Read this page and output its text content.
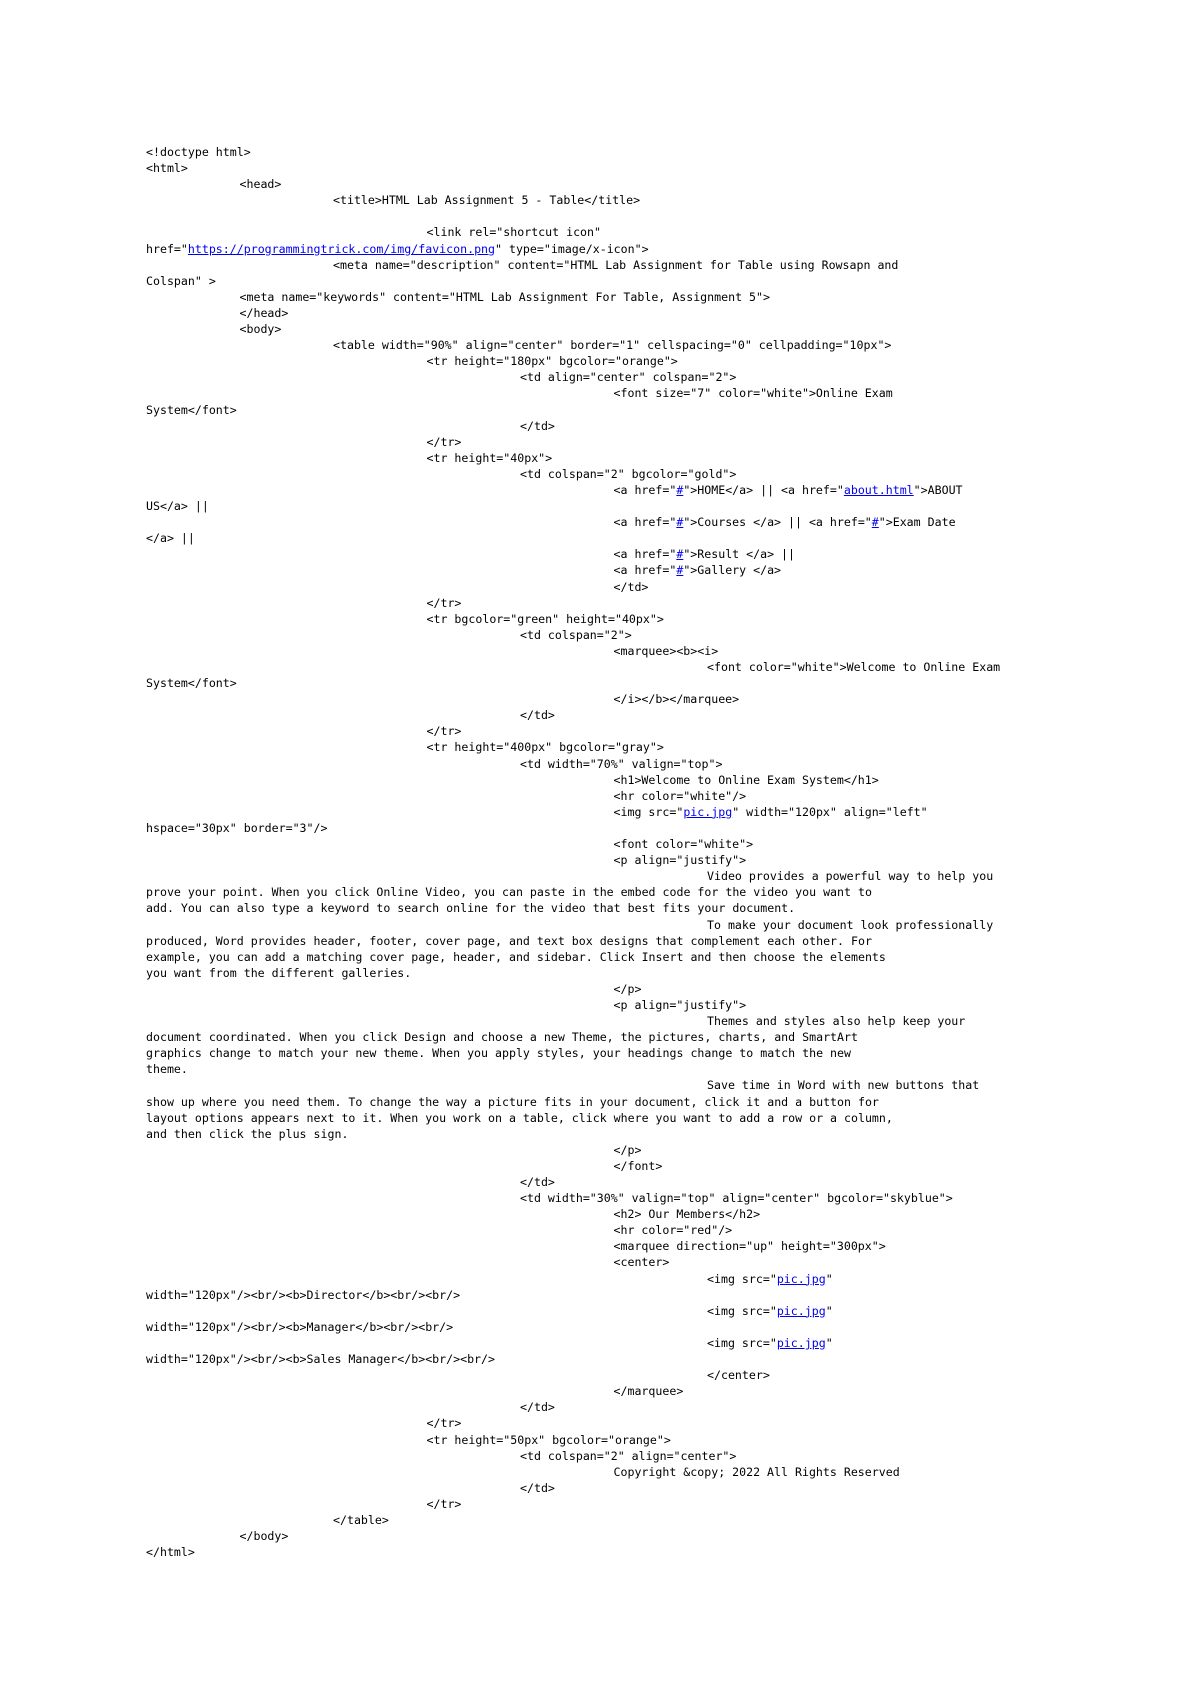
<!doctype html>
<html>
<head>
<title>HTML Lab Assignment 5 - Table</title>
<link rel="shortcut icon"
href="https://programmingtrick.com/img/favicon.png" type="image/x-icon">
<meta name="description" content="HTML Lab Assignment for Table using Rowsapn and
Colspan" >
<meta name="keywords" content="HTML Lab Assignment For Table, Assignment 5">
</head>
<body>
<table width="90%" align="center" border="1" cellspacing="0" cellpadding="10px">
<tr height="180px" bgcolor="orange">
<td align="center" colspan="2">
<font size="7" color="white">Online Exam
System</font>
</td>
</tr>
<tr height="40px">
<td colspan="2" bgcolor="gold">
<a href="#">HOME</a> || <a href="about.html">ABOUT
US</a> ||
<a href="#">Courses </a> || <a href="#">Exam Date
</a> ||
<a href="#">Result </a> ||
<a href="#">Gallery </a>
</td>
</tr>
<tr bgcolor="green" height="40px">
<td colspan="2">
<marquee><b><i>
<font color="white">Welcome to Online Exam
System</font>
</i></b></marquee>
</td>
</tr>
<tr height="400px" bgcolor="gray">
<td width="70%" valign="top">
<h1>Welcome to Online Exam System</h1>
<hr color="white"/>
<img src="pic.jpg" width="120px" align="left"
hspace="30px" border="3"/>
<font color="white">
<p align="justify">
Video provides a powerful way to help you
prove your point. When you click Online Video, you can paste in the embed code for the video you want to
add. You can also type a keyword to search online for the video that best fits your document.
To make your document look professionally
produced, Word provides header, footer, cover page, and text box designs that complement each other. For
example, you can add a matching cover page, header, and sidebar. Click Insert and then choose the elements
you want from the different galleries.
</p>
<p align="justify">
Themes and styles also help keep your
document coordinated. When you click Design and choose a new Theme, the pictures, charts, and SmartArt
graphics change to match your new theme. When you apply styles, your headings change to match the new
theme.
Save time in Word with new buttons that
show up where you need them. To change the way a picture fits in your document, click it and a button for
layout options appears next to it. When you work on a table, click where you want to add a row or a column,
and then click the plus sign.
</p>
</font>
</td>
<td width="30%" valign="top" align="center" bgcolor="skyblue">
<h2> Our Members</h2>
<hr color="red"/>
<marquee direction="up" height="300px">
<center>
<img src="pic.jpg"
width="120px"/><br/><b>Director</b><br/><br/>
<img src="pic.jpg"
width="120px"/><br/><b>Manager</b><br/><br/>
<img src="pic.jpg"
width="120px"/><br/><b>Sales Manager</b><br/><br/>
</center>
</marquee>
</td>
</tr>
<tr height="50px" bgcolor="orange">
<td colspan="2" align="center">
Copyright &copy; 2022 All Rights Reserved
</td>
</tr>
</table>
</body>
</html>
